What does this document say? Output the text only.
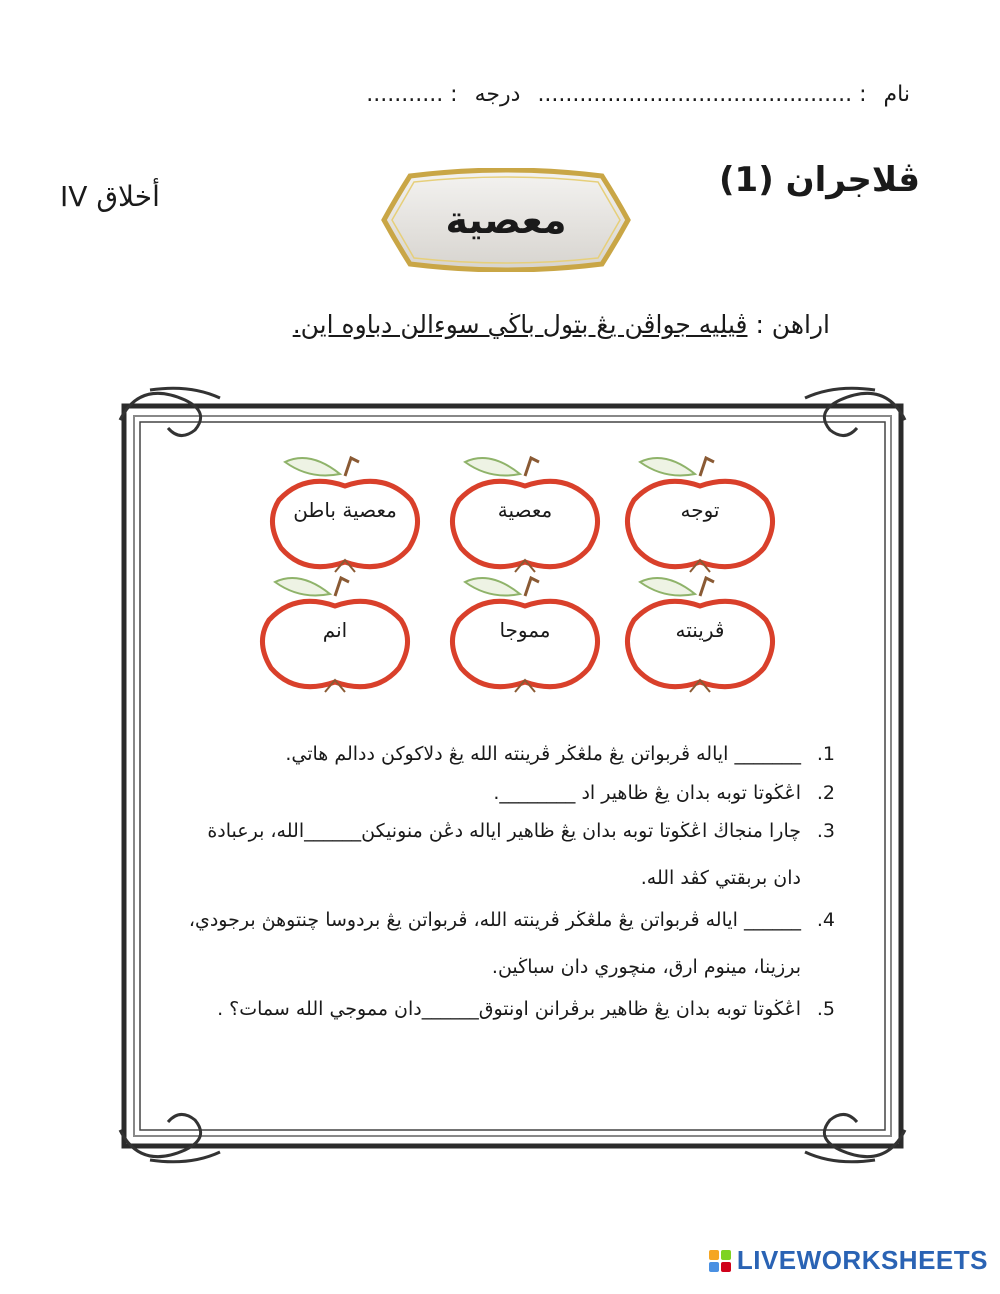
نام : ............................................. درجه : ...........
ڤلاجران (1)
أخلاق IV
معصية
اراهن : ڤيليه جواڤن يڠ بتول باڬي سوءالن دباوه اين.
توجه
معصية
معصية باطن
ڤرينته
مموجا
انم
1.
_______ اياله ڤربواتن يڠ ملڠڬر ڤرينته الله يڠ دلاكوكن ددالم هاتي.
2.
اڠڬوتا توبه بدان يڠ ظاهير اد ________.
3.
چارا منجاڬ اڠڬوتا توبه بدان يڠ ظاهير اياله دڠن منونيكن______الله، برعبادة
دان بربقتي كڤد الله.
4.
______ اياله ڤربواتن يڠ ملڠڬر ڤرينته الله، ڤربواتن يڠ بردوسا چنتوهڽ برجودي،
برزينا، مينوم ارق، منچوري دان سباڬين.
5.
اڠڬوتا توبه بدان يڠ ظاهير برڤرانن اونتوق______دان مموجي الله سمات؟ .
LIVEWORKSHEETS
